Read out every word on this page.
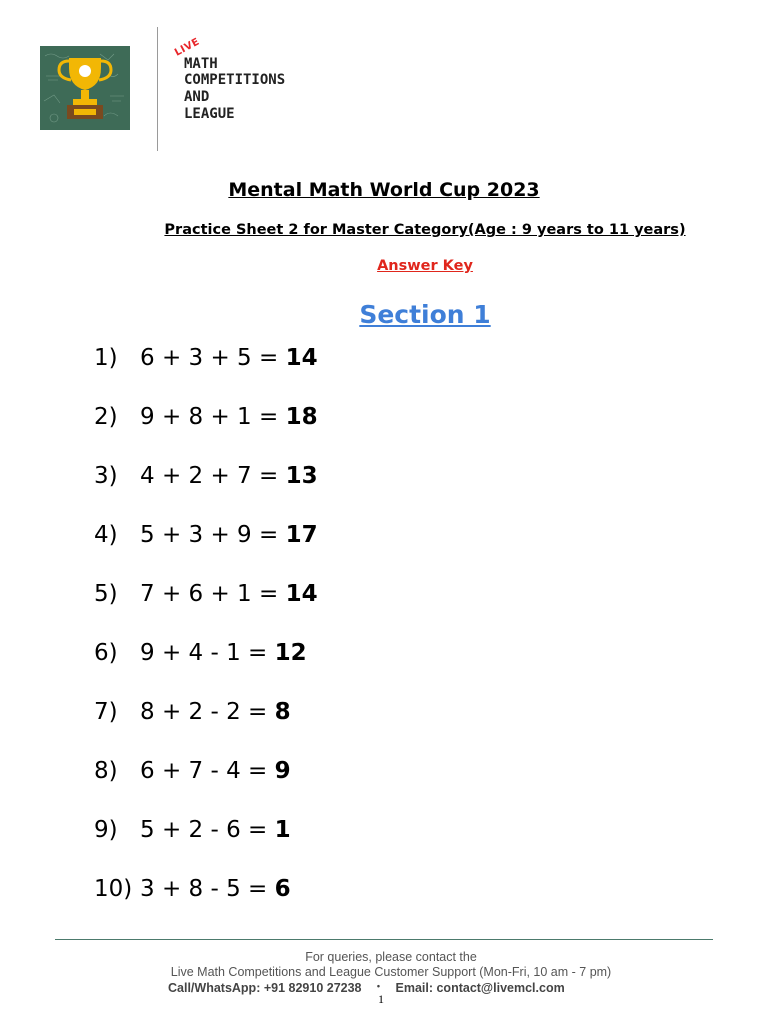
LIVE
MATH
COMPETITIONS
AND
LEAGUE
Mental Math World Cup 2023
Practice Sheet 2 for Master Category(Age : 9 years to 11 years)
Answer Key
Section 1
1) 6 + 3 + 5 = 14
2) 9 + 8 + 1 = 18
3) 4 + 2 + 7 = 13
4) 5 + 3 + 9 = 17
5) 7 + 6 + 1 = 14
6) 9 + 4 - 1 = 12
7) 8 + 2 - 2 = 8
8) 6 + 7 - 4 = 9
9) 5 + 2 - 6 = 1
10) 3 + 8 - 5 = 6
For queries, please contact the
Live Math Competitions and League Customer Support (Mon-Fri, 10 am - 7 pm)
Call/WhatsApp: +91 82910 27238 • Email: contact@livemcl.com
1
